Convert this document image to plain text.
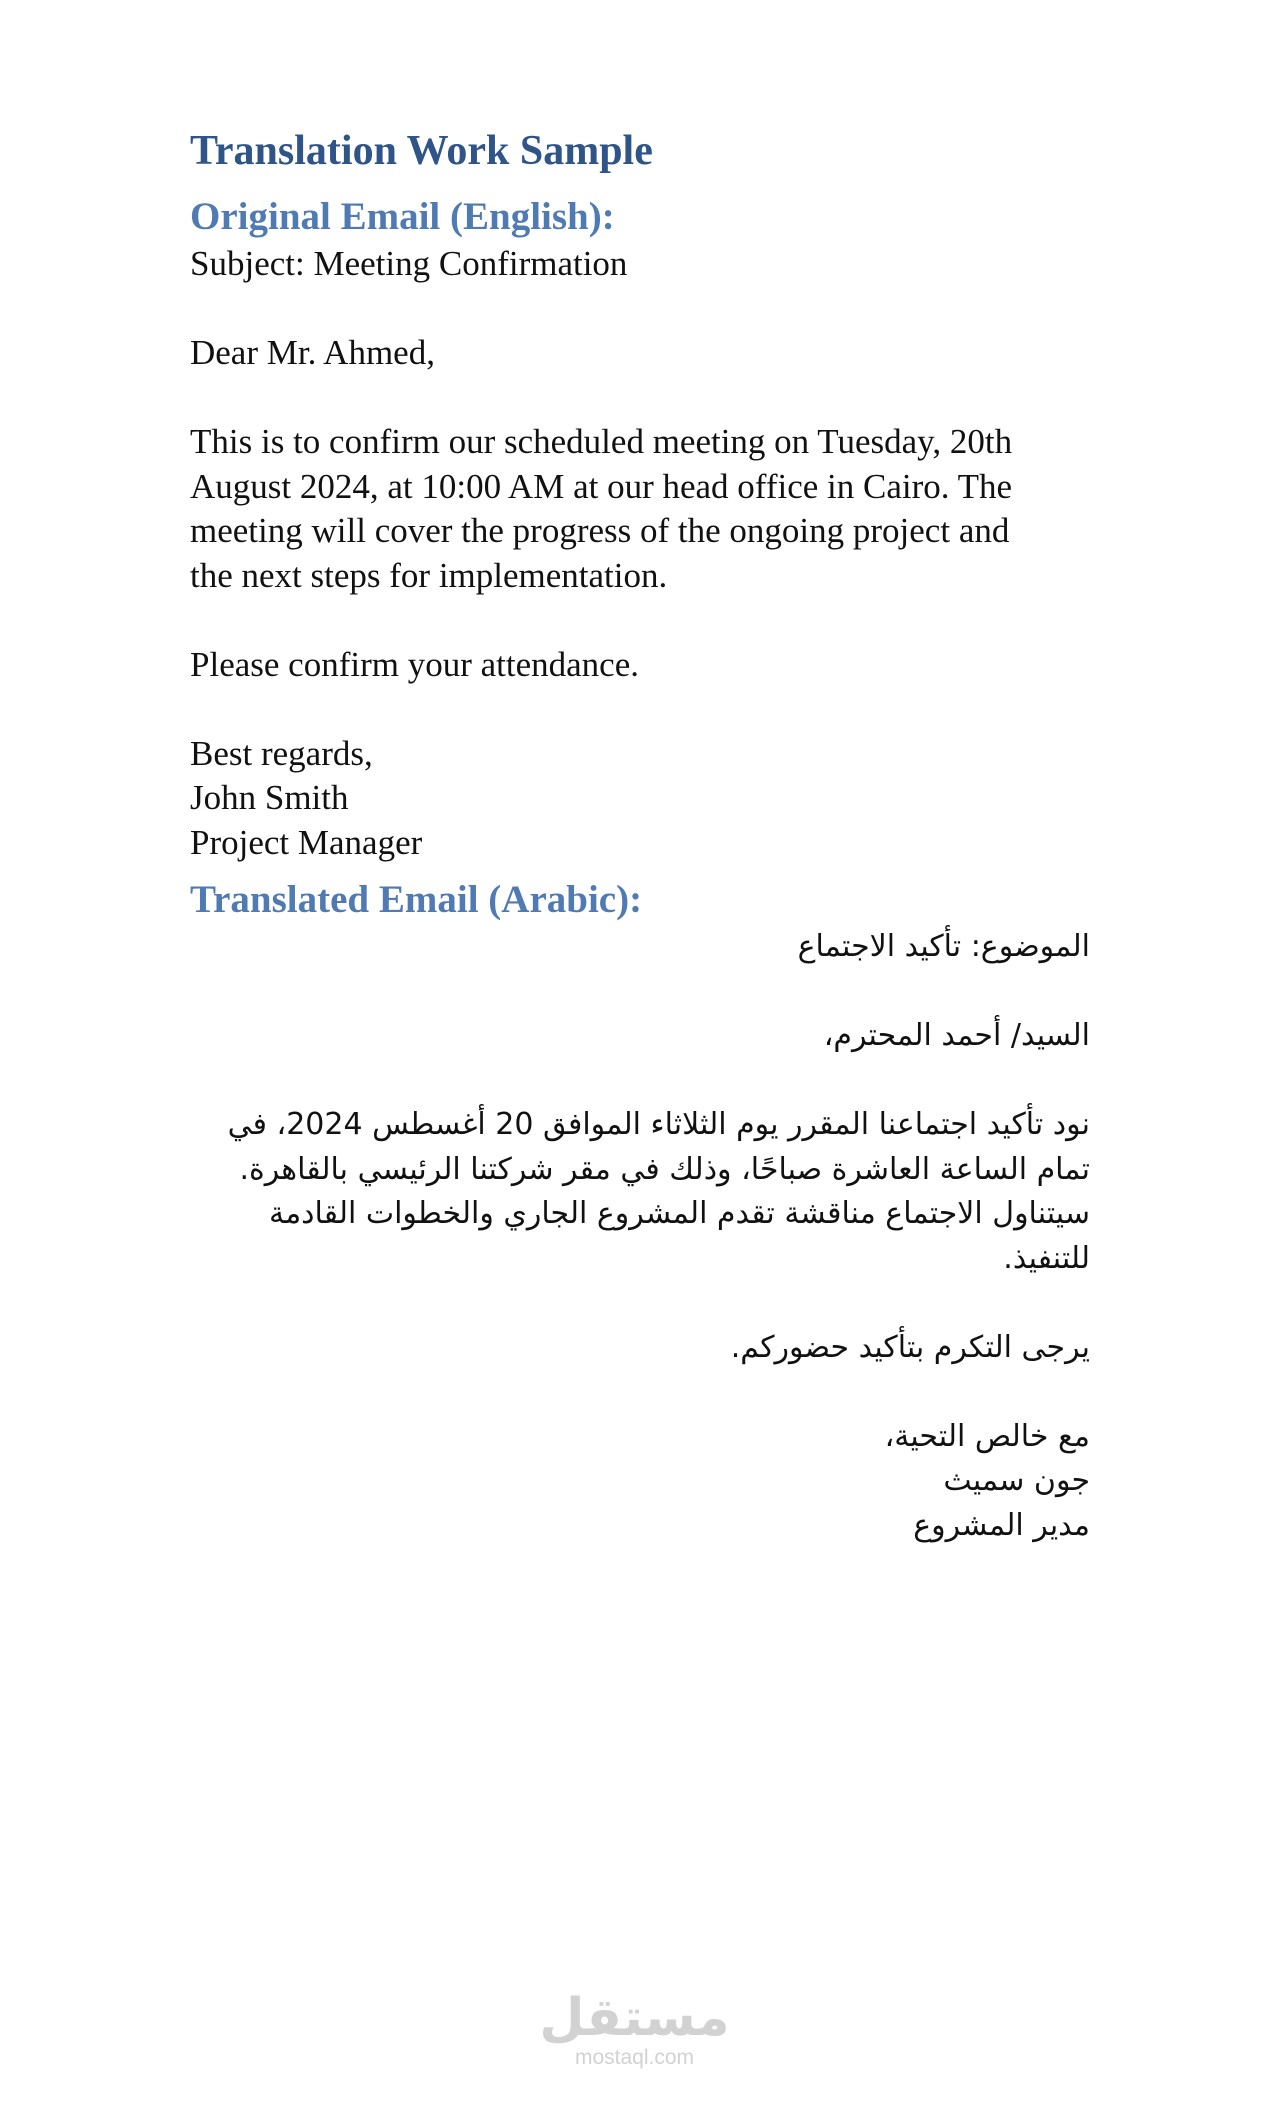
Translation Work Sample
Original Email (English):

Subject: Meeting Confirmation

Dear Mr. Ahmed,

This is to confirm our scheduled meeting on Tuesday, 20th

August 2024, at 10:00 AM at our head office in Cairo. The

meeting will cover the progress of the ongoing project and

the next steps for implementation.

Please confirm your attendance.

Best regards,

John Smith

Project Manager

Translated Email (Arabic):

الموضوع: تأكيد الاجتماع

السيد/ أحمد المحترم،

نود تأكيد اجتماعنا المقرر يوم الثلاثاء الموافق 20 أغسطس 2024، في

تمام الساعة العاشرة صباحًا، وذلك في مقر شركتنا الرئيسي بالقاهرة.

سيتناول الاجتماع مناقشة تقدم المشروع الجاري والخطوات القادمة

للتنفيذ.

يرجى التكرم بتأكيد حضوركم.

مع خالص التحية،

جون سميث

مدير المشروع

مستقل
mostaql.com
